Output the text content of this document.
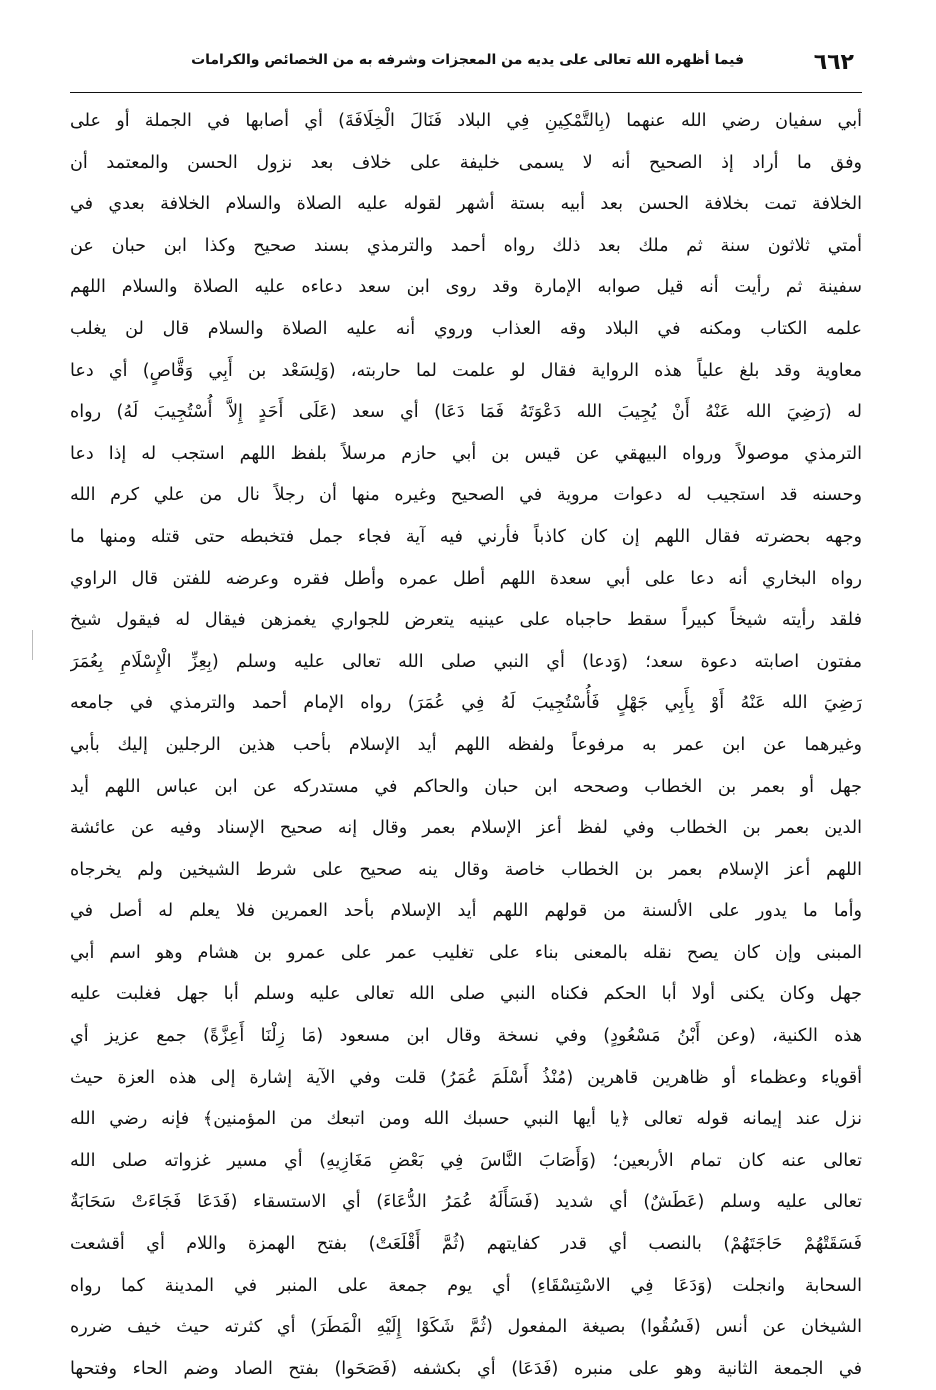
٦٦٢
فيما أظهره الله تعالى على يديه من المعجزات وشرفه به من الخصائص والكرامات
أبي سفيان رضي الله عنهما (بِالتَّمْكِينِ فِي البلاد فَنَالَ الْخِلَافَةَ) أي أصابها في الجملة أو على
وفق ما أراد إذ الصحيح أنه لا يسمى خليفة على خلاف بعد نزول الحسن والمعتمد أن
الخلافة تمت بخلافة الحسن بعد أبيه بستة أشهر لقوله عليه الصلاة والسلام الخلافة بعدي في
أمتي ثلاثون سنة ثم ملك بعد ذلك رواه أحمد والترمذي بسند صحيح وكذا ابن حبان عن
سفينة ثم رأيت أنه قيل صوابه الإمارة وقد روى ابن سعد دعاءه عليه الصلاة والسلام اللهم
علمه الكتاب ومكنه في البلاد وقه العذاب وروي أنه عليه الصلاة والسلام قال لن يغلب
معاوية وقد بلغ علياً هذه الرواية فقال لو علمت لما حاربته، (وَلِسَعْد بن أَبِي وَقَّاصٍ) أي دعا
له (رَضِيَ الله عَنْهُ أَنْ يُجِيبَ الله دَعْوَتَهُ فَمَا دَعَا) أي سعد (عَلَى أَحَدٍ إِلاَّ أُسْتُجِيبَ لَهُ) رواه
الترمذي موصولاً ورواه البيهقي عن قيس بن أبي حازم مرسلاً بلفظ اللهم استجب له إذا دعا
وحسنه قد استجيب له دعوات مروية في الصحيح وغيره منها أن رجلاً نال من علي كرم الله
وجهه بحضرته فقال اللهم إن كان كاذباً فأرني فيه آية فجاء جمل فتخبطه حتى قتله ومنها ما
رواه البخاري أنه دعا على أبي سعدة اللهم أطل عمره وأطل فقره وعرضه للفتن قال الراوي
فلقد رأيته شيخاً كبيراً سقط حاجباه على عينيه يتعرض للجواري يغمزهن فيقال له فيقول شيخ
مفتون اصابته دعوة سعد؛ (وَدعا) أي النبي صلى الله تعالى عليه وسلم (بِعِزِّ الْإِسْلَامِ بِعُمَرَ
رَضِيَ الله عَنْهُ أَوْ بِأَبِي جَهْلٍ فَأُسْتُجِيبَ لَهُ فِي عُمَرَ) رواه الإمام أحمد والترمذي في جامعه
وغيرهما عن ابن عمر به مرفوعاً ولفظه اللهم أيد الإسلام بأحب هذين الرجلين إليك بأبي
جهل أو بعمر بن الخطاب وصححه ابن حبان والحاكم في مستدركه عن ابن عباس اللهم أيد
الدين بعمر بن الخطاب وفي لفظ أعز الإسلام بعمر وقال إنه صحيح الإسناد وفيه عن عائشة
اللهم أعز الإسلام بعمر بن الخطاب خاصة وقال ينه صحيح على شرط الشيخين ولم يخرجاه
وأما ما يدور على الألسنة من قولهم اللهم أيد الإسلام بأحد العمرين فلا يعلم له أصل في
المبنى وإن كان يصح نقله بالمعنى بناء على تغليب عمر على عمرو بن هشام وهو اسم أبي
جهل وكان يكنى أولا أبا الحكم فكناه النبي صلى الله تعالى عليه وسلم أبا جهل فغلبت عليه
هذه الكنية، (وعن أَبْنُ مَسْعُودٍ) وفي نسخة وقال ابن مسعود (مَا زِلْنَا أَعِزَّةً) جمع عزيز أي
أقوياء وعظماء أو ظاهرين قاهرين (مُنْذُ أَسْلَمَ عُمَرُ) قلت وفي الآية إشارة إلى هذه العزة حيث
نزل عند إيمانه قوله تعالى ﴿يا أيها النبي حسبك الله ومن اتبعك من المؤمنين﴾ فإنه رضي الله
تعالى عنه كان تمام الأربعين؛ (وَأَصَابَ النَّاسَ فِي بَعْضِ مَغَازِيهِ) أي مسير غزواته صلى الله
تعالى عليه وسلم (عَطَشٌ) أي شديد (فَسَأَلَهُ عُمَرُ الدُّعَاءَ) أي الاستسقاء (فَدَعَا فَجَاءَتْ سَحَابَةٌ
فَسَقَتْهُمْ حَاجَتَهُمْ) بالنصب أي قدر كفايتهم (ثُمَّ أَقْلَعَتْ) بفتح الهمزة واللام أي أقشعت
السحابة وانجلت (وَدَعَا فِي الاسْتِسْقَاءِ) أي يوم جمعة على المنبر في المدينة كما رواه
الشيخان عن أنس (فَسُقُوا) بصيغة المفعول (ثُمَّ شَكَوْا إِلَيْهِ الْمَطَرَ) أي كثرته حيث خيف ضرره
في الجمعة الثانية وهو على منبره (فَدَعَا) أي بكشفه (فَصَحَوا) بفتح الصاد وضم الحاء وفتحها
